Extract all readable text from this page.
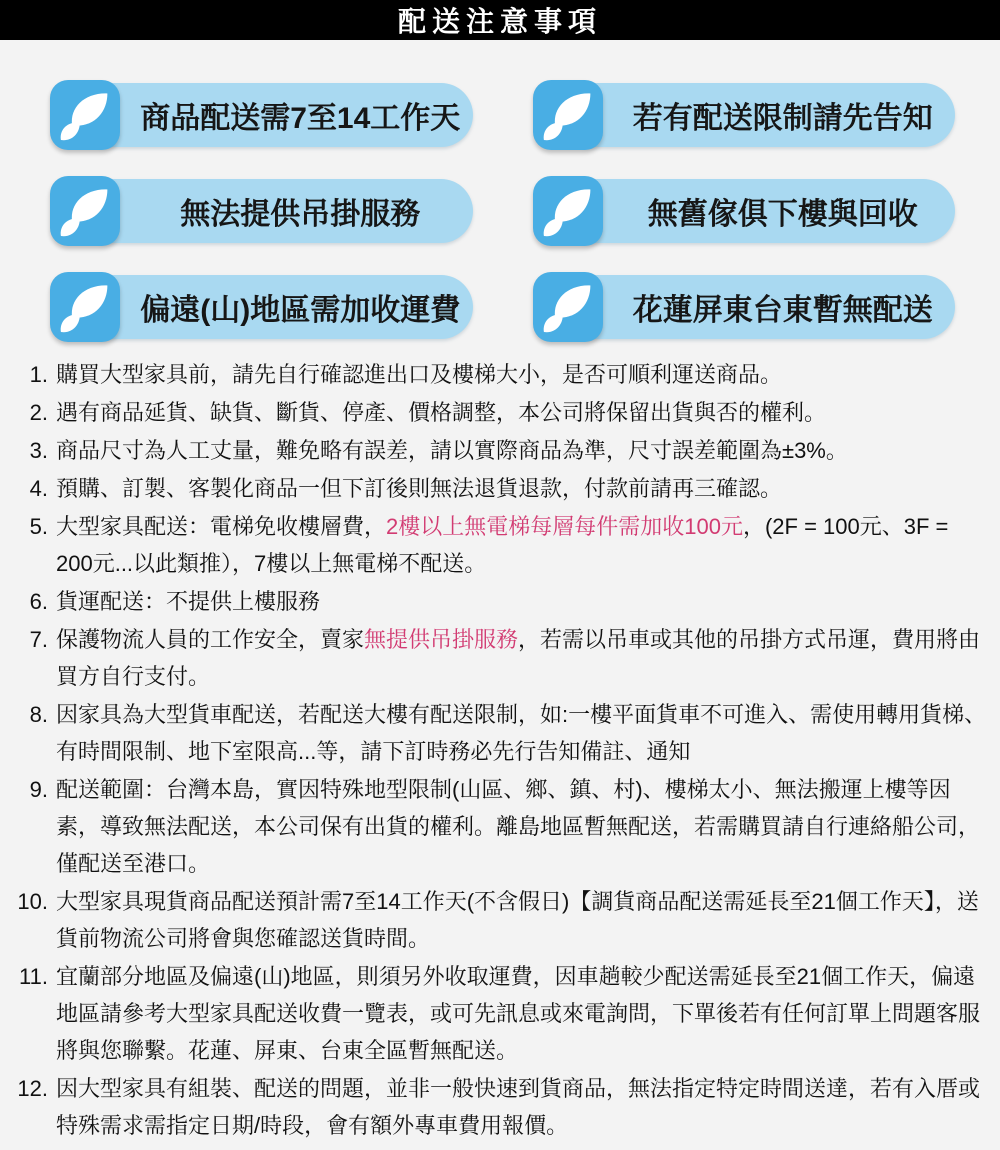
配送注意事項
商品配送需7至14工作天	若有配送限制請先告知
無法提供吊掛服務	無舊傢俱下樓與回收
偏遠(山)地區需加收運費	花蓮屏東台東暫無配送
1. 購買大型家具前，請先自行確認進出口及樓梯大小，是否可順利運送商品。
2. 遇有商品延貨、缺貨、斷貨、停產、價格調整，本公司將保留出貨與否的權利。
3. 商品尺寸為人工丈量，難免略有誤差，請以實際商品為準，尺寸誤差範圍為±3%。
4. 預購、訂製、客製化商品一但下訂後則無法退貨退款，付款前請再三確認。
5. 大型家具配送：電梯免收樓層費，2樓以上無電梯每層每件需加收100元，(2F = 100元、3F = 200元...以此類推），7樓以上無電梯不配送。
6. 貨運配送：不提供上樓服務
7. 保護物流人員的工作安全，賣家無提供吊掛服務，若需以吊車或其他的吊掛方式吊運，費用將由買方自行支付。
8. 因家具為大型貨車配送，若配送大樓有配送限制，如:一樓平面貨車不可進入、需使用轉用貨梯、有時間限制、地下室限高...等，請下訂時務必先行告知備註、通知
9. 配送範圍：台灣本島，實因特殊地型限制(山區、鄉、鎮、村)、樓梯太小、無法搬運上樓等因素，導致無法配送，本公司保有出貨的權利。離島地區暫無配送，若需購買請自行連絡船公司，僅配送至港口。
10. 大型家具現貨商品配送預計需7至14工作天(不含假日)【調貨商品配送需延長至21個工作天】，送貨前物流公司將會與您確認送貨時間。
11. 宜蘭部分地區及偏遠(山)地區，則須另外收取運費，因車趟較少配送需延長至21個工作天，偏遠地區請參考大型家具配送收費一覽表，或可先訊息或來電詢問，下單後若有任何訂單上問題客服將與您聯繫。花蓮、屏東、台東全區暫無配送。
12. 因大型家具有組裝、配送的問題，並非一般快速到貨商品，無法指定特定時間送達，若有入厝或特殊需求需指定日期/時段，會有額外專車費用報價。
